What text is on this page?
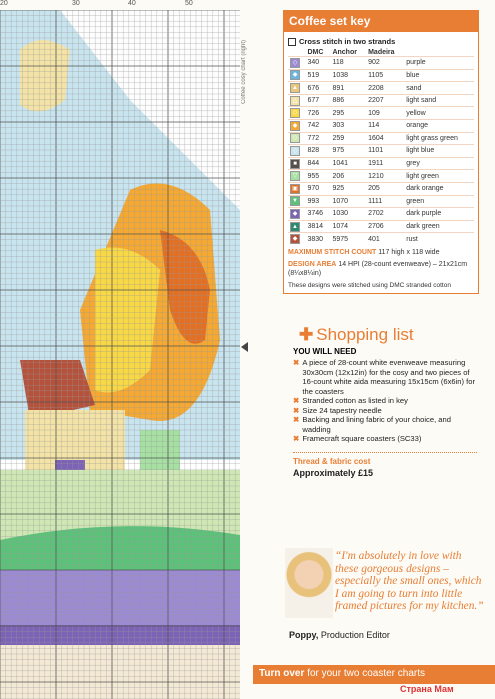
20	30	40	50
Coffee cosy chart (right)
Coffee set key
Cross stitch in two strands
	DMC	Anchor	Madeira	
◇	340	118	902	purple
◆	519	1038	1105	blue
▲	676	891	2208	sand
△	677	886	2207	light sand
◇	726	295	109	yellow
◆	742	303	114	orange
◇	772	259	1604	light grass green
◇	828	975	1101	light blue
■	844	1041	1911	grey
▽	955	206	1210	light green
▣	970	925	205	dark orange
▼	993	1070	1111	green
◆	3746	1030	2702	dark purple
▲	3814	1074	2706	dark green
◆	3830	5975	401	rust
MAXIMUM STITCH COUNT 117 high x 118 wide
DESIGN AREA 14 HPI (28-count evenweave) – 21x21cm (8¼x8¼in)
These designs were stitched using DMC stranded cotton
✚ Shopping list
YOU WILL NEED
✖ A piece of 28-count white evenweave measuring 30x30cm (12x12in) for the cosy and two pieces of 16-count white aida measuring 15x15cm (6x6in) for the coasters
✖ Stranded cotton as listed in key
✖ Size 24 tapestry needle
✖ Backing and lining fabric of your choice, and wadding
✖ Framecraft square coasters (SC33)
Thread & fabric cost
Approximately £15
“I'm absolutely in love with these gorgeous designs – especially the small ones, which I am going to turn into little framed pictures for my kitchen.”
Poppy, Production Editor
Turn over for your two coaster charts
Страна Мам
